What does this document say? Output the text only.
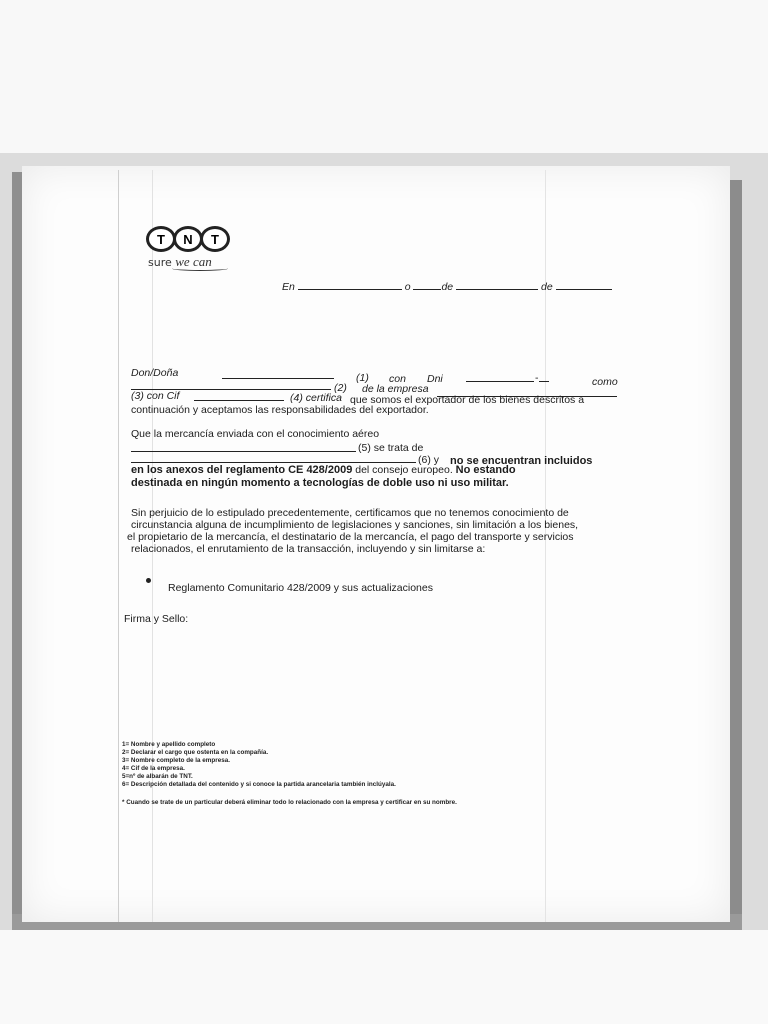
T N T
sure we can
En	o	de	de
Don/Doña	(1) con Dni	-	como
(2) de la empresa
(3) con Cif	(4) certifica que somos el exportador de los bienes descritos a
continuación y aceptamos las responsabilidades del exportador.
Que la mercancía enviada con el conocimiento aéreo
(5) se trata de
(6) y no se encuentran incluidos
en los anexos del reglamento CE 428/2009 del consejo europeo. No estando
destinada en ningún momento a tecnologías de doble uso ni uso militar.
Sin perjuicio de lo estipulado precedentemente, certificamos que no tenemos conocimiento de
circunstancia alguna de incumplimiento de legislaciones y sanciones, sin limitación a los bienes,
el propietario de la mercancía, el destinatario de la mercancía, el pago del transporte y servicios
relacionados, el enrutamiento de la transacción, incluyendo y sin limitarse a:
Reglamento Comunitario 428/2009 y sus actualizaciones
Firma y Sello:
1= Nombre y apellido completo
2= Declarar el cargo que ostenta en la compañía.
3= Nombre completo de la empresa.
4= Cif de la empresa.
5=nº de albarán de TNT.
6= Descripción detallada del contenido y si conoce la partida arancelaria también inclúyala.
* Cuando se trate de un particular deberá eliminar todo lo relacionado con la empresa y certificar en su nombre.
